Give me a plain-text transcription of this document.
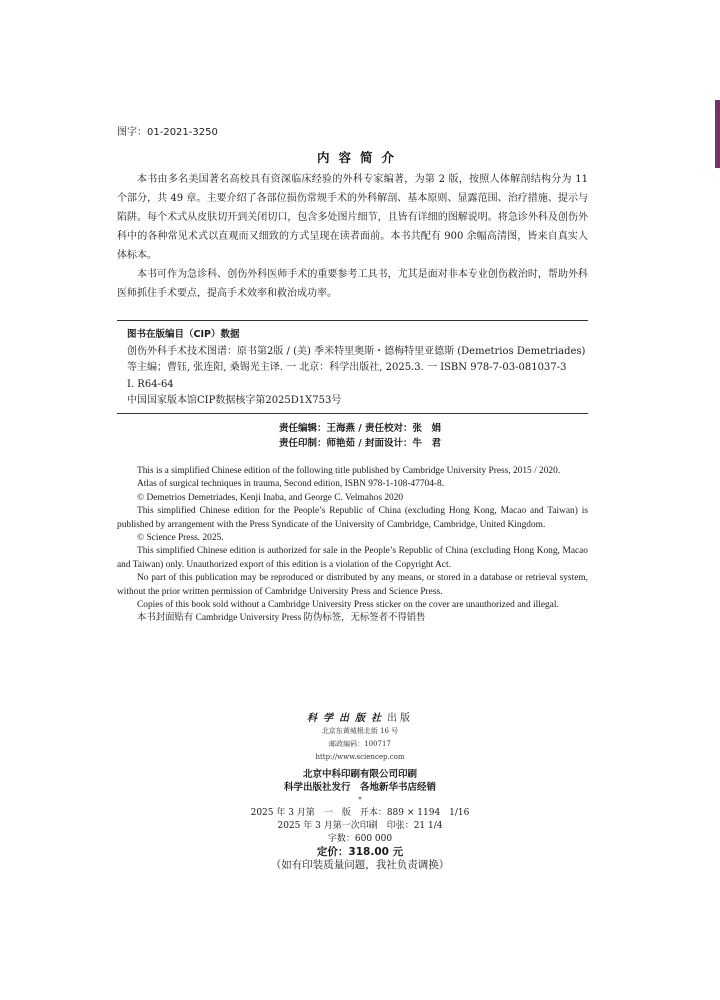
图字：01-2021-3250
内容简介

本书由多名美国著名高校具有资深临床经验的外科专家编著，为第 2 版，按照人体解剖结构分为 11 个部分，共 49 章。主要介绍了各部位损伤常规手术的外科解剖、基本原则、显露范围、治疗措施、提示与陷阱。每个术式从皮肤切开到关闭切口，包含多处图片细节，且皆有详细的图解说明。将急诊外科及创伤外科中的各种常见术式以直观而又细致的方式呈现在读者面前。本书共配有 900 余幅高清图，皆来自真实人体标本。

本书可作为急诊科、创伤外科医师手术的重要参考工具书，尤其是面对非本专业创伤救治时，帮助外科医师抓住手术要点，提高手术效率和救治成功率。

图书在版编目（CIP）数据
创伤外科手术技术图谱：原书第2版 / (美) 季米特里奥斯・德梅特里亚德斯 (Demetrios Demetriades)
等主编；曹钰, 张连阳, 桑锡光主译. 一 北京：科学出版社, 2025.3. 一 ISBN 978-7-03-081037-3
Ⅰ. R64-64
中国国家版本馆CIP数据核字第2025D1X753号
责任编辑：王海燕 / 责任校对：张　娟
责任印制：师艳茹 / 封面设计：牛　君

This is a simplified Chinese edition of the following title published by Cambridge University Press, 2015 / 2020.

Atlas of surgical techniques in trauma, Second edition, ISBN 978-1-108-47704-8.

© Demetrios Demetriades, Kenji Inaba, and George C. Velmahos 2020

This simplified Chinese edition for the People’s Republic of China (excluding Hong Kong, Macao and Taiwan) is published by arrangement with the Press Syndicate of the University of Cambridge, Cambridge, United Kingdom.

© Science Press. 2025.

This simplified Chinese edition is authorized for sale in the People’s Republic of China (excluding Hong Kong, Macao and Taiwan) only. Unauthorized export of this edition is a violation of the Copyright Act.

No part of this publication may be reproduced or distributed by any means, or stored in a database or retrieval system, without the prior written permission of Cambridge University Press and Science Press.

Copies of this book sold without a Cambridge University Press sticker on the cover are unauthorized and illegal.

本书封面贴有 Cambridge University Press 防伪标签，无标签者不得销售

科学出版社出版
北京东黄城根北街 16 号
邮政编码：100717
http://www.sciencep.com
北京中科印刷有限公司印刷
科学出版社发行　各地新华书店经销
*
2025 年 3 月第　一　版　开本：889 × 1194　1/16
2025 年 3 月第一次印刷　印张：21 1/4
字数：600 000
定价：318.00 元
（如有印装质量问题，我社负责调换）
